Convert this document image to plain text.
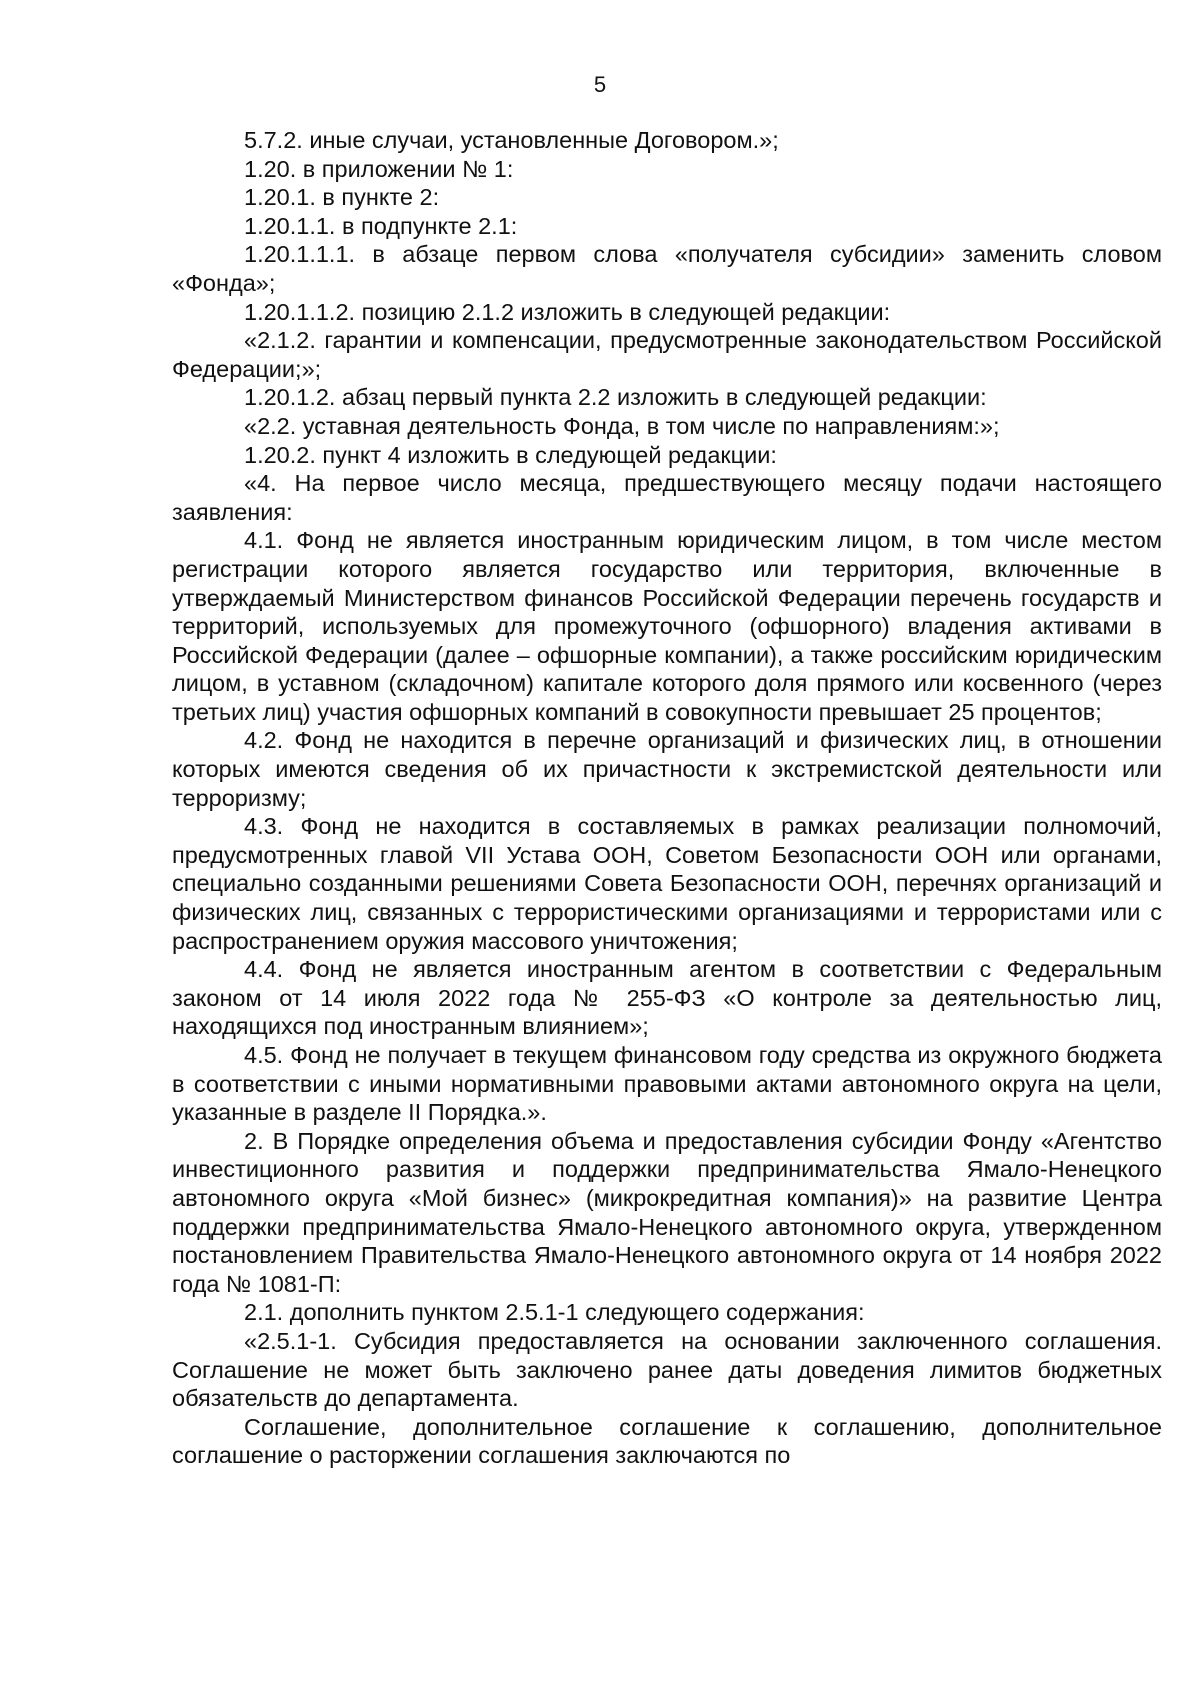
5

5.7.2. иные случаи, установленные Договором.»;

1.20. в приложении № 1:

1.20.1. в пункте 2:

1.20.1.1. в подпункте 2.1:

1.20.1.1.1. в абзаце первом слова «получателя субсидии» заменить словом «Фонда»;

1.20.1.1.2. позицию 2.1.2 изложить в следующей редакции:

«2.1.2. гарантии и компенсации, предусмотренные законодательством Российской Федерации;»;

1.20.1.2. абзац первый пункта 2.2 изложить в следующей редакции:

«2.2. уставная деятельность Фонда, в том числе по направлениям:»;

1.20.2. пункт 4 изложить в следующей редакции:

«4. На первое число месяца, предшествующего месяцу подачи настоящего заявления:

4.1. Фонд не является иностранным юридическим лицом, в том числе местом регистрации которого является государство или территория, включенные в утверждаемый Министерством финансов Российской Федерации перечень государств и территорий, используемых для промежуточного (офшорного) владения активами в Российской Федерации (далее – офшорные компании), а также российским юридическим лицом, в уставном (складочном) капитале которого доля прямого или косвенного (через третьих лиц) участия офшорных компаний в совокупности превышает 25 процентов;

4.2. Фонд не находится в перечне организаций и физических лиц, в отношении которых имеются сведения об их причастности к экстремистской деятельности или терроризму;

4.3. Фонд не находится в составляемых в рамках реализации полномочий, предусмотренных главой VII Устава ООН, Советом Безопасности ООН или органами, специально созданными решениями Совета Безопасности ООН, перечнях организаций и физических лиц, связанных с террористическими организациями и террористами или с распространением оружия массового уничтожения;

4.4. Фонд не является иностранным агентом в соответствии с Федеральным законом от 14 июля 2022 года № 255-ФЗ «О контроле за деятельностью лиц, находящихся под иностранным влиянием»;

4.5. Фонд не получает в текущем финансовом году средства из окружного бюджета в соответствии с иными нормативными правовыми актами автономного округа на цели, указанные в разделе II Порядка.».

2. В Порядке определения объема и предоставления субсидии Фонду «Агентство инвестиционного развития и поддержки предпринимательства Ямало-Ненецкого автономного округа «Мой бизнес» (микрокредитная компания)» на развитие Центра поддержки предпринимательства Ямало-Ненецкого автономного округа, утвержденном постановлением Правительства Ямало-Ненецкого автономного округа от 14 ноября 2022 года № 1081-П:

2.1. дополнить пунктом 2.5.1-1 следующего содержания:

«2.5.1-1. Субсидия предоставляется на основании заключенного соглашения. Соглашение не может быть заключено ранее даты доведения лимитов бюджетных обязательств до департамента.

Соглашение, дополнительное соглашение к соглашению, дополнительное соглашение о расторжении соглашения заключаются по
